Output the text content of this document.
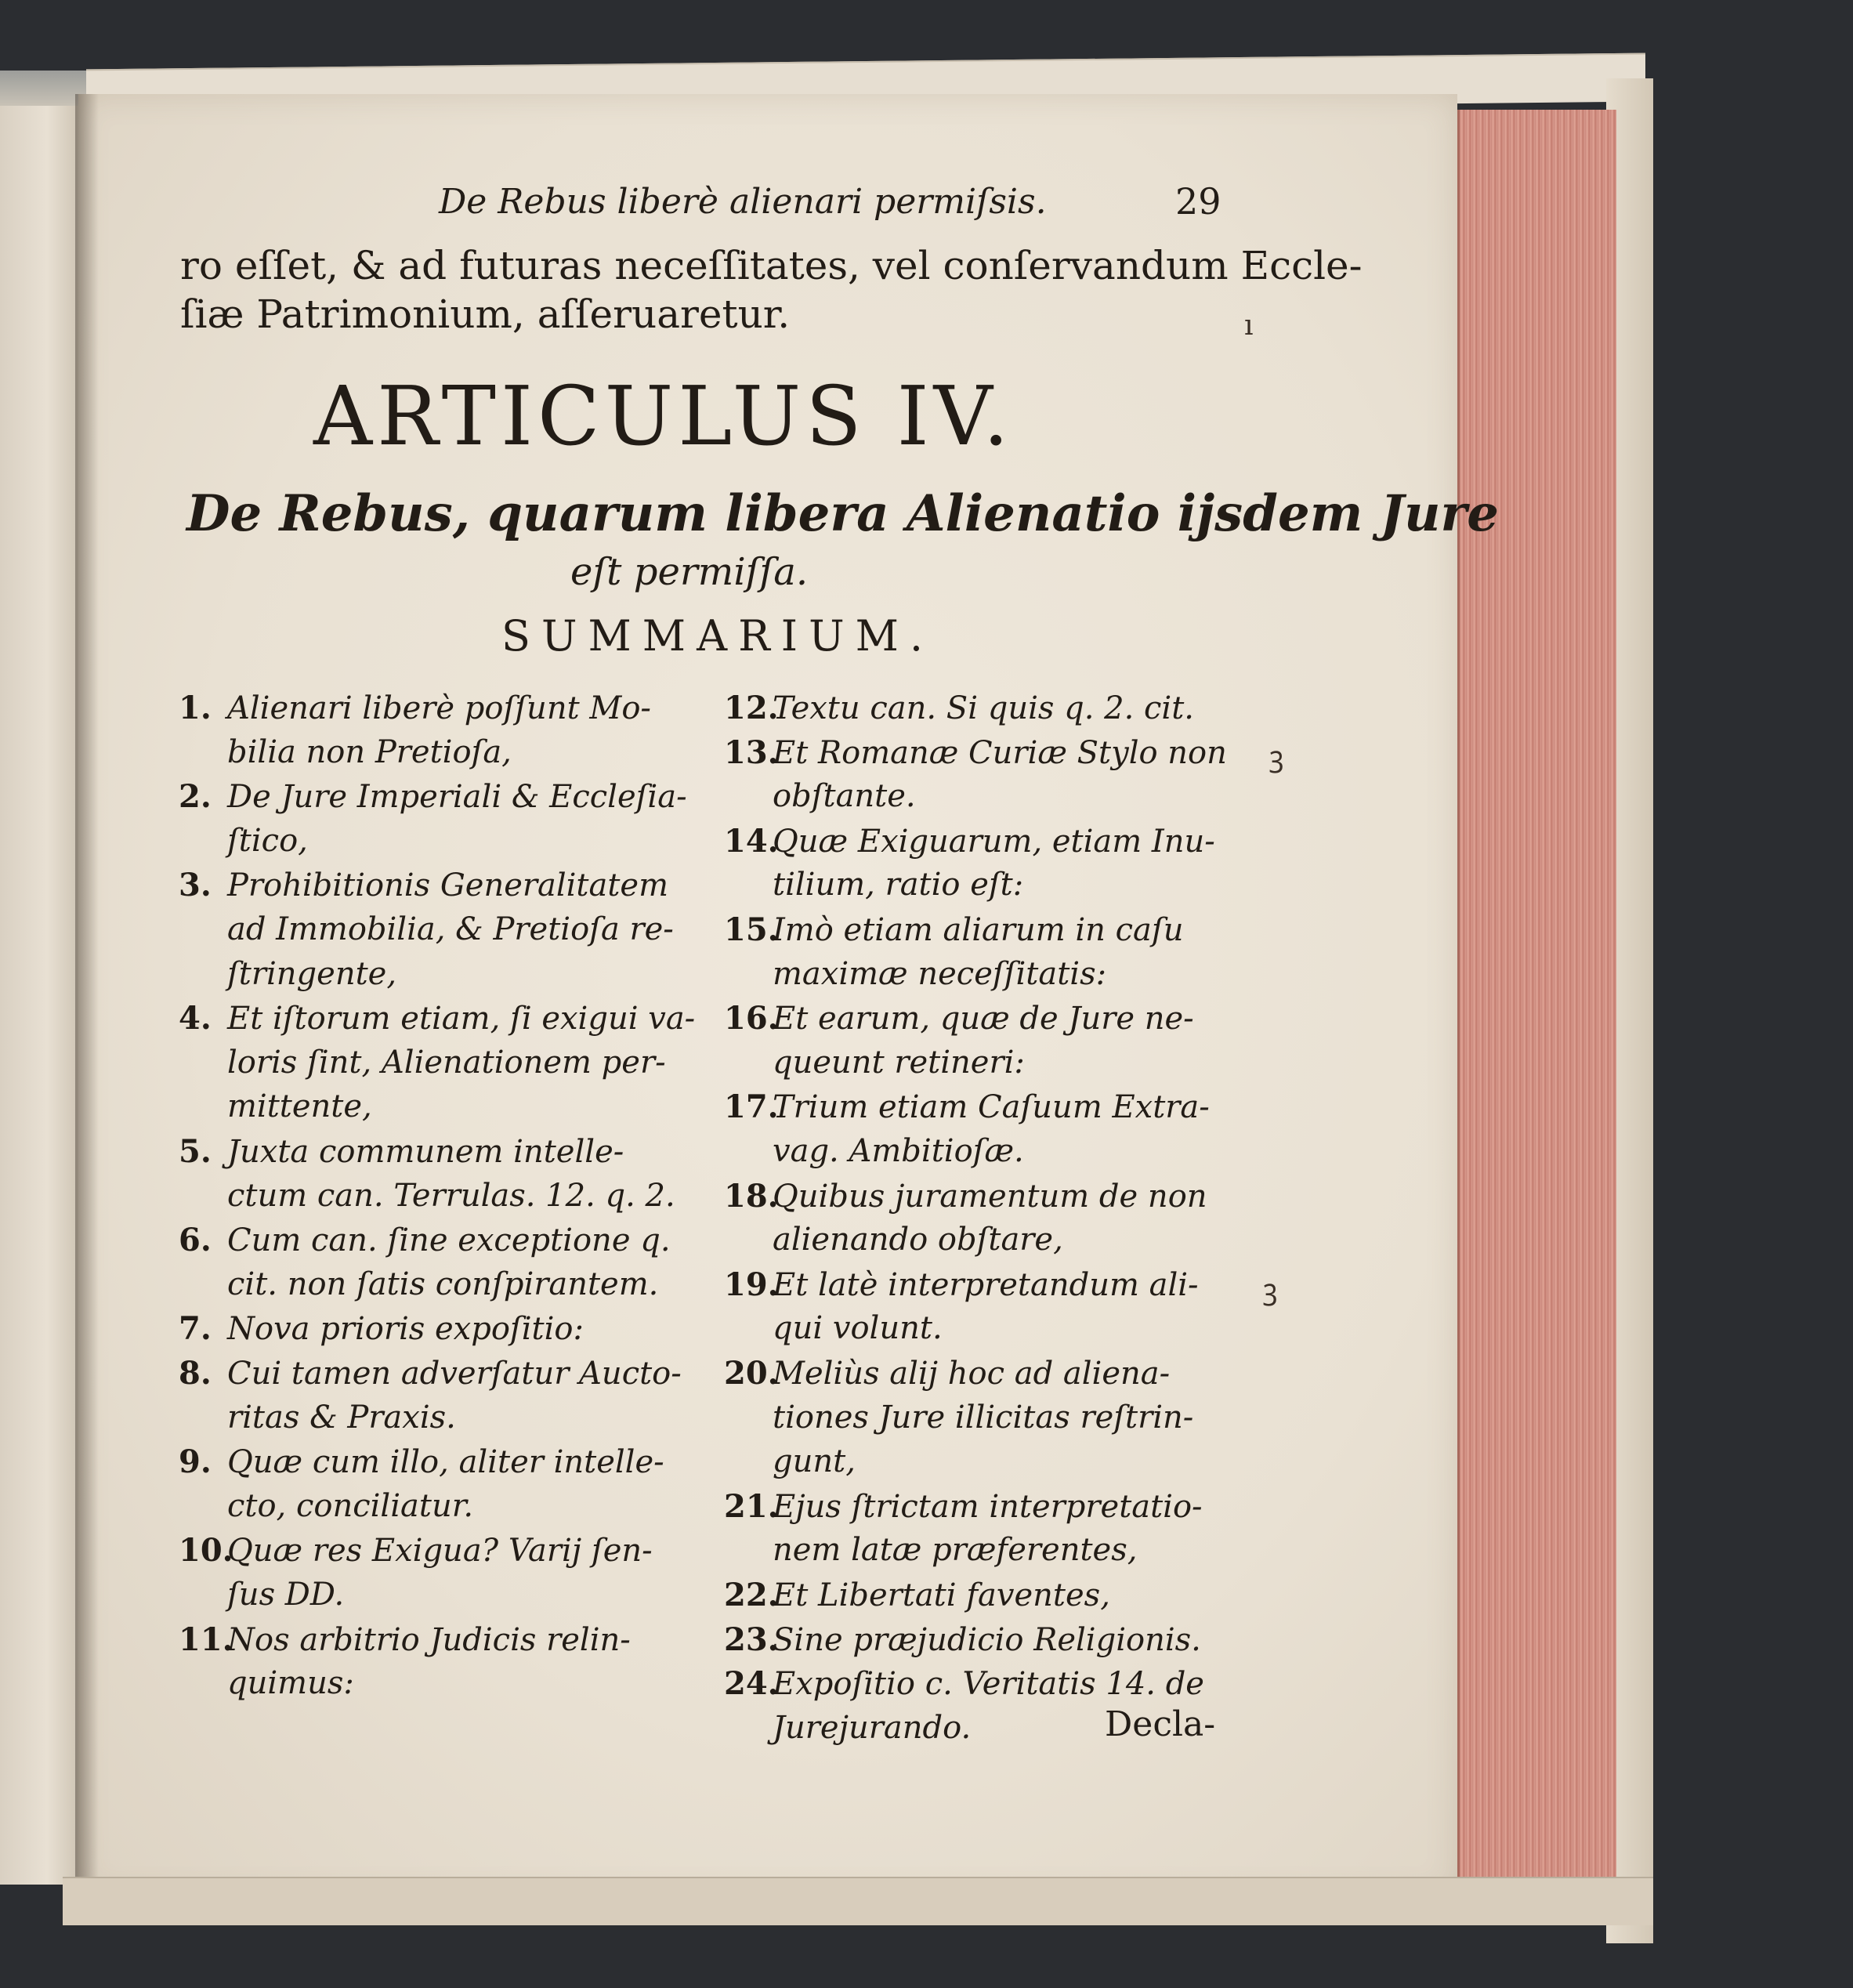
De Rebus liberè alienari permiſsis.	29
ro eſſet, & ad futuras neceſſitates, vel conſervandum Eccle-
ſiæ Patrimonium, aſſeruaretur.
ARTICULUS IV.
De Rebus, quarum libera Alienatio ijsdem Jure
eſt permiſſa.
SUMMARIUM.
1. Alienari liberè poſſunt Mo-
bilia non Pretioſa,
2. De Jure Imperiali & Eccleſia-
ſtico,
3. Prohibitionis Generalitatem
ad Immobilia, & Pretioſa re-
ſtringente,
4. Et iſtorum etiam, ſi exigui va-
loris ſint, Alienationem per-
mittente,
5. Juxta communem intelle-
ctum can. Terrulas. 12. q. 2.
6. Cum can. ſine exceptione q.
cit. non ſatis conſpirantem.
7. Nova prioris expoſitio:
8. Cui tamen adverſatur Aucto-
ritas & Praxis.
9. Quæ cum illo, aliter intelle-
cto, conciliatur.
10.Quæ res Exigua? Varij ſen-
ſus DD.
11.Nos arbitrio Judicis relin-
quimus:
12.Textu can. Si quis q. 2. cit.
13.Et Romanæ Curiæ Stylo non
obſtante.
14.Quæ Exiguarum, etiam Inu-
tilium, ratio eſt:
15.Imò etiam aliarum in caſu
maximæ neceſſitatis:
16.Et earum, quæ de Jure ne-
queunt retineri:
17.Trium etiam Caſuum Extra-
vag. Ambitioſæ.
18.Quibus juramentum de non
alienando obſtare,
19.Et latè interpretandum ali-
qui volunt.
20.Meliùs alij hoc ad aliena-
tiones Jure illicitas reſtrin-
gunt,
21.Ejus ſtrictam interpretatio-
nem latæ præferentes,
22.Et Libertati faventes,
23.Sine præjudicio Religionis.
24.Expoſitio c. Veritatis 14. de
Jurejurando.	Decla-
ı
ꝫ
ꝫ
